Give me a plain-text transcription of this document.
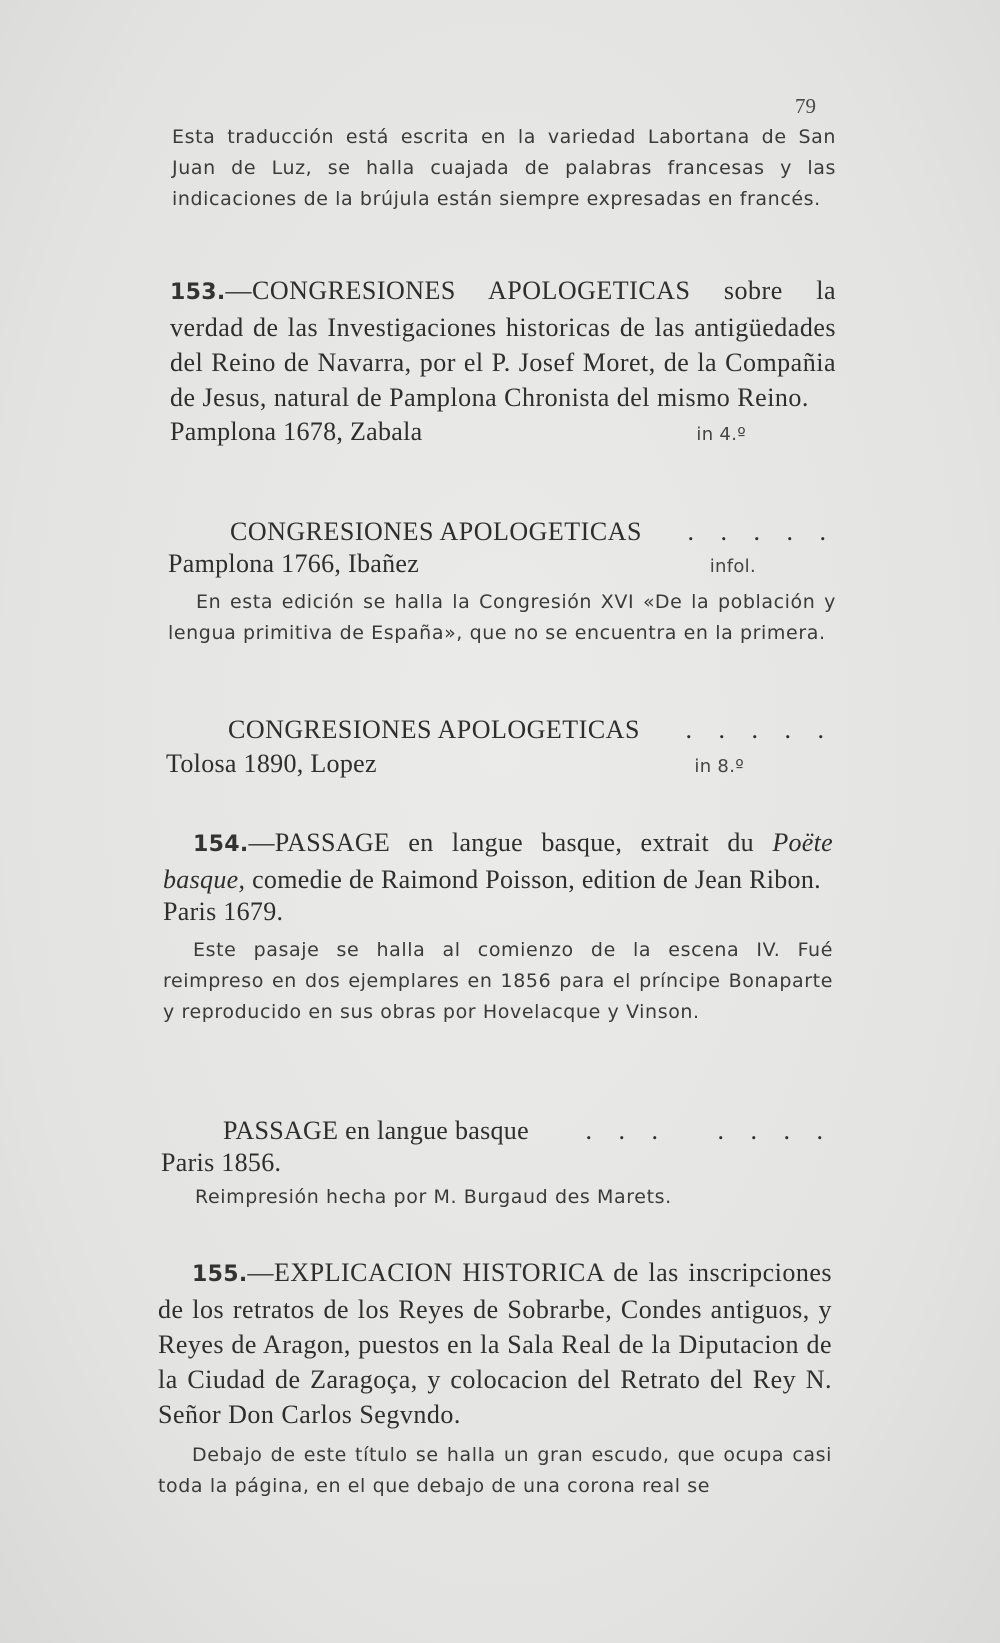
79

Esta traducción está escrita en la variedad Labortana de San Juan de Luz, se halla cuajada de palabras francesas y las indicaciones de la brújula están siempre expresadas en francés.

153.—CONGRESIONES APOLOGETICAS sobre la verdad de las Investigaciones historicas de las antigüedades del Reino de Navarra, por el P. Josef Moret, de la Compañia de Jesus, natural de Pamplona Chronista del mismo Reino.

Pamplona 1678, Zabala	in 4.º
CONGRESIONES APOLOGETICAS . . . . .
Pamplona 1766, Ibañez	infol.

En esta edición se halla la Congresión XVI «De la población y lengua primitiva de España», que no se encuentra en la primera.

CONGRESIONES APOLOGETICAS . . . . .
Tolosa 1890, Lopez	in 8.º

154.—PASSAGE en langue basque, extrait du Poëte basque, comedie de Raimond Poisson, edition de Jean Ribon.

Paris 1679.

Este pasaje se halla al comienzo de la escena IV. Fué reimpreso en dos ejemplares en 1856 para el príncipe Bonaparte y reproducido en sus obras por Hovelacque y Vinson.

PASSAGE en langue basque . . .   . . . .
Paris 1856.

Reimpresión hecha por M. Burgaud des Marets.

155.—EXPLICACION HISTORICA de las inscripciones de los retratos de los Reyes de Sobrarbe, Condes antiguos, y Reyes de Aragon, puestos en la Sala Real de la Diputacion de la Ciudad de Zaragoça, y colocacion del Retrato del Rey N. Señor Don Carlos Segvndo.

Debajo de este título se halla un gran escudo, que ocupa casi toda la página, en el que debajo de una corona real se
